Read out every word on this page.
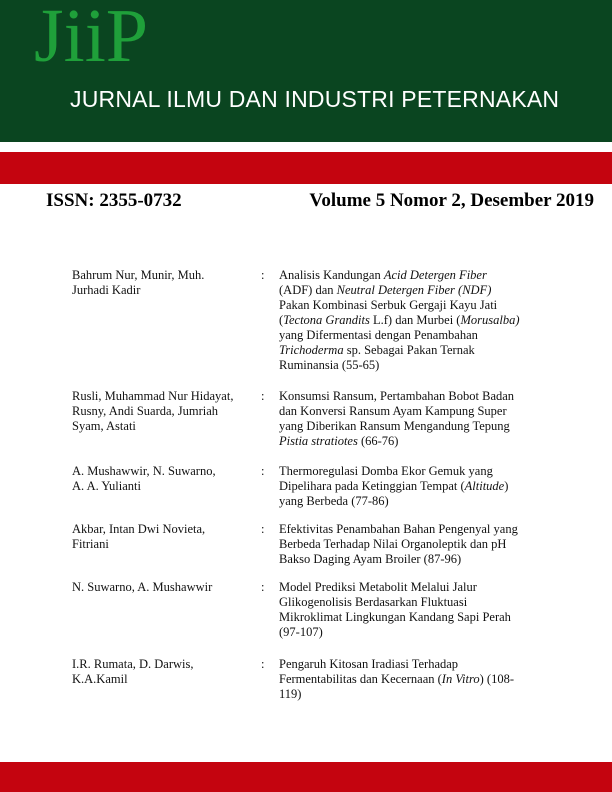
JiiP
JURNAL ILMU DAN INDUSTRI PETERNAKAN
ISSN: 2355-0732	Volume 5 Nomor 2, Desember 2019
Bahrum Nur, Munir, Muh.
Jurhadi Kadir
: Analisis Kandungan Acid Detergen Fiber
(ADF) dan Neutral Detergen Fiber (NDF)
Pakan Kombinasi Serbuk Gergaji Kayu Jati
(Tectona Grandits L.f) dan Murbei (Morusalba)
yang Difermentasi dengan Penambahan
Trichoderma sp. Sebagai Pakan Ternak
Ruminansia (55-65)
Rusli, Muhammad Nur Hidayat,
Rusny, Andi Suarda, Jumriah
Syam, Astati
: Konsumsi Ransum, Pertambahan Bobot Badan
dan Konversi Ransum Ayam Kampung Super
yang Diberikan Ransum Mengandung Tepung
Pistia stratiotes (66-76)
A. Mushawwir, N. Suwarno,
A. A. Yulianti
: Thermoregulasi Domba Ekor Gemuk yang
Dipelihara pada Ketinggian Tempat (Altitude)
yang Berbeda (77-86)
Akbar, Intan Dwi Novieta,
Fitriani
: Efektivitas Penambahan Bahan Pengenyal yang
Berbeda Terhadap Nilai Organoleptik dan pH
Bakso Daging Ayam Broiler (87-96)
N. Suwarno, A. Mushawwir	: Model Prediksi Metabolit Melalui Jalur
Glikogenolisis Berdasarkan Fluktuasi
Mikroklimat Lingkungan Kandang Sapi Perah
(97-107)
I.R. Rumata, D. Darwis,
K.A.Kamil
: Pengaruh Kitosan Iradiasi Terhadap
Fermentabilitas dan Kecernaan (In Vitro) (108-
119)
